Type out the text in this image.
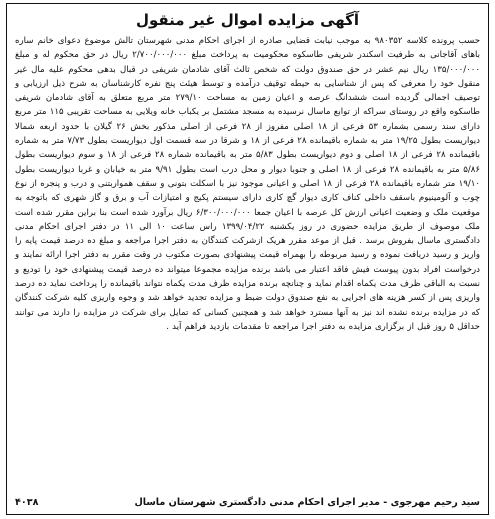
آگهی مزایده اموال غیر منقول
حسب پرونده کلاسه ۹۸۰۳۵۲ به موجب نیابت قضایی صادره از اجرای احکام مدنی شهرستان تالش موضوع دعوای خانم ساره باهای آقاجانی به طرفیت اسکندر شریفی طاسکوه محکومیت به پرداخت مبلغ ۲/۷۰۰/۰۰۰/۰۰۰ ریال در حق محکوم له و مبلغ ۱۳۵/۰۰۰/۰۰۰ ریال نیم عشر در حق صندوق دولت که شخص ثالث آقای شادمان شریفی در قبال بدهی محکوم علیه مال غیر منقول خود را معرفی که پس از شناسایی به حیطه توقیف درآمده و توسط هیئت پنج نفره کارشناسان به شرح ذیل ارزیابی و توصیف اجمالی گردیده است ششدانگ عرصه و اعیان زمین به مساحت ۲۷۹/۱۰ متر مربع متعلق به آقای شادمان شریفی طاسکوه واقع در روستای سراکه از توابع ماسال نرسیده به مسجد مشتمل بر یکباب خانه ویلایی به مساحت تقریبی ۱۱۵ متر مربع دارای سند رسمی بشماره ۵۳ فرعی از ۱۸ اصلی مفروز از ۲۸ فرعی از اصلی مذکور بخش ۲۶ گیلان با حدود اربعه شمالا دیواریست بطول ۱۹/۲۵ متر به شماره باقیمانده ۲۸ فرعی از ۱۸ و شرقا در سه قسمت اول دیواریست بطول ۷/۷۳ متر به شماره باقیمانده ۲۸ فرعی از ۱۸ اصلی و دوم دیواریست بطول ۵/۸۳ متر به باقیمانده شماره ۲۸ فرعی از ۱۸ و سوم دیواریست بطول ۵/۸۶ متر به باقیمانده ۲۸ فرعی از ۱۸ اصلی و جنوبا دیوار و محل درب است بطول ۹/۹۱ متر به خیابان و غربا دیواریست بطول ۱۹/۱۰ متر شماره باقیمانده ۲۸ فرعی از ۱۸ اصلی و اعیانی موجود نیز با اسکلت بتونی و سقف همواربتنی و درب و پنجره از نوع چوب و آلومینیوم باسقف داخلی کناف کاری دیوار گچ کاری دارای سیستم پکیج و امتیازات آب و برق و گاز شهری که باتوجه به موقعیت ملک و وضعیت اعیانی ارزش کل عرصه با اعیان جمعا ۶/۳۰۰/۰۰۰/۰۰۰ ریال برآورد شده است بنا براین مقرر شده است ملک موصوف از طریق مزایده حضوری در روز یکشنبه ۱۳۹۹/۰۴/۲۲ راس ساعت ۱۰ الی ۱۱ در دفتر اجرای احکام مدنی دادگستری ماسال بفروش برسد . قبل از موعد مقرر هریک ازشرکت کنندگان به دفتر اجرا مراجعه و مبلغ ده درصد قیمت پایه را واریز و رسید دریافت نموده و رسید مربوطه را بهمراه قیمت پیشنهادی بصورت مکتوب در وقت مقرر به دفتر اجرا ارائه نمایند و درخواست افراد بدون پیوست فیش فاقد اعتبار می باشد برنده مزایده مجموعا میتواند ده درصد قیمت پیشنهادی خود را تودیع و نسبت به الباقی ظرف مدت یکماه اقدام نماید و چنانچه برنده مزایده ظرف مدت یکماه نتواند باقیمانده را پرداخت نماید ده درصد واریزی پس از کسر هزینه های اجرایی به نفع صندوق دولت ضبط و مزایده تجدید خواهد شد و وجوه واریزی کلیه شرکت کنندگان که در مزایده برنده نشده اند نیز به آنها مسترد خواهد شد و همچنین کسانی که تمایل برای شرکت در مزایده را دارند می توانند حداقل ۵ روز قبل از برگزاری مزایده به دفتر اجرا مراجعه تا مقدمات بازدید فراهم آید .
سید رحیم مهرجوی - مدیر اجرای احکام مدنی دادگستری شهرستان ماسال
۴۰۳۸
